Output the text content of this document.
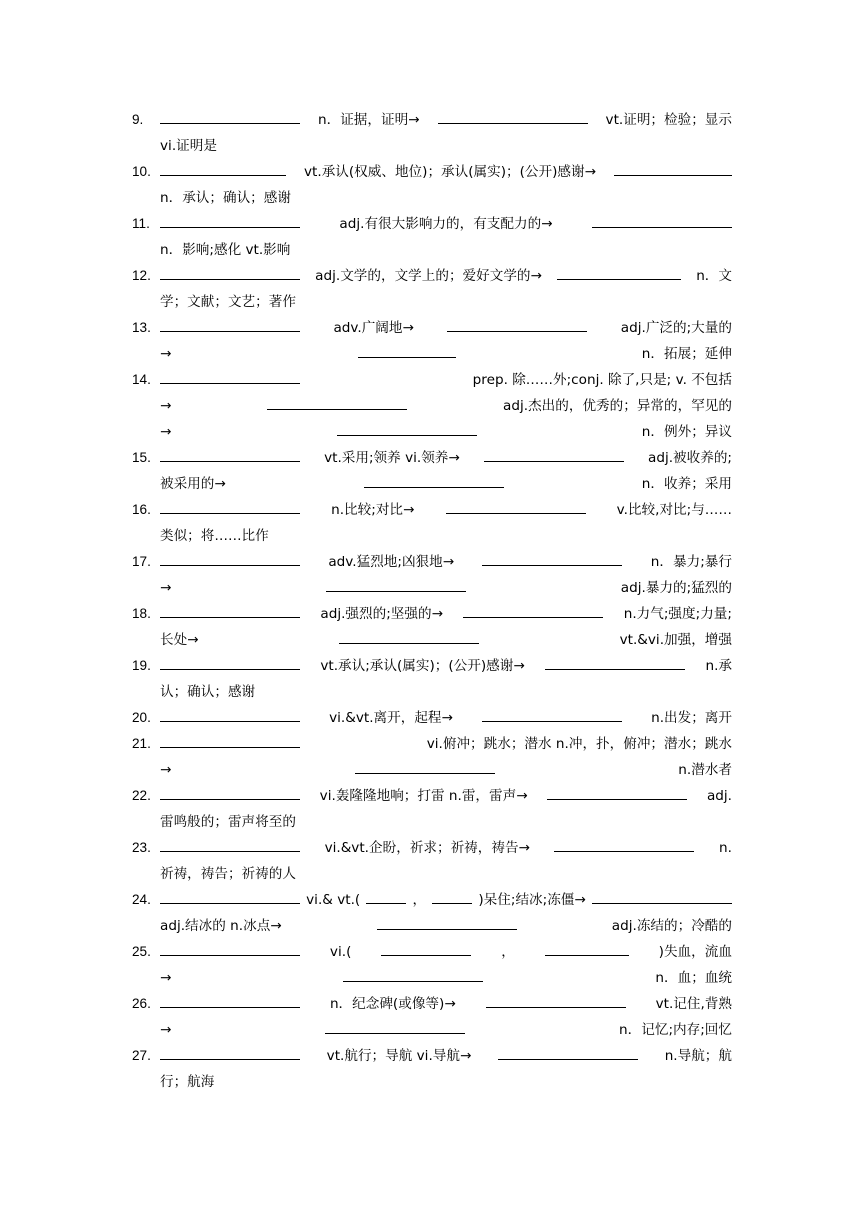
9.	n．证据，证明→	vt.证明；检验；显示
vi.证明是
10.	vt.承认(权威、地位)；承认(属实)；(公开)感谢→
n．承认；确认；感谢
11.	adj.有很大影响力的，有支配力的→
n．影响;感化 vt.影响
12.	adj.文学的，文学上的；爱好文学的→	n．文
学；文献；文艺；著作
13.	adv.广阔地→	adj.广泛的;大量的
→	n．拓展；延伸
14.	prep. 除……外;conj. 除了,只是; v. 不包括
→	adj.杰出的，优秀的；异常的，罕见的
→	n．例外；异议
15.	vt.采用;领养 vi.领养→	adj.被收养的;
被采用的→	n．收养；采用
16.	n.比较;对比→	v.比较,对比;与……
类似；将……比作
17.	adv.猛烈地;凶狠地→	n．暴力;暴行
→	adj.暴力的;猛烈的
18.	adj.强烈的;坚强的→	n.力气;强度;力量;
长处→	vt.&vi.加强，增强
19.	vt.承认;承认(属实)；(公开)感谢→	n.承
认；确认；感谢
20.	vi.&vt.离开，起程→	n.出发；离开
21.	vi.俯冲；跳水；潜水 n.冲，扑，俯冲；潜水；跳水
→	n.潜水者
22.	vi.轰隆隆地响；打雷 n.雷，雷声→	adj.
雷鸣般的；雷声将至的
23.	vi.&vt.企盼，祈求；祈祷，祷告→	n.
祈祷，祷告；祈祷的人
24.	vi.& vt.(	，	)呆住;结冰;冻僵→
adj.结冰的 n.冰点→	adj.冻结的；冷酷的
25.	vi.(	，	)失血，流血
→	n．血；血统
26.	n．纪念碑(或像等)→	vt.记住,背熟
→	n．记忆;内存;回忆
27.	vt.航行；导航 vi.导航→	n.导航；航
行；航海
